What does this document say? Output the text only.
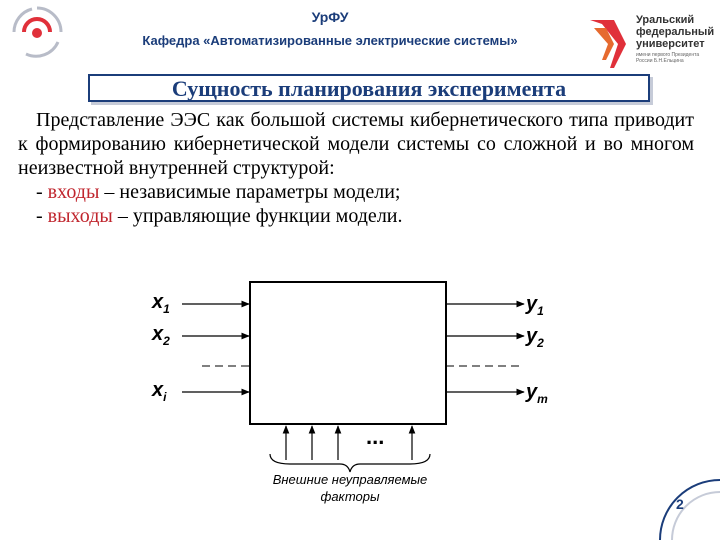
УрФУ
Кафедра «Автоматизированные электрические системы»
Уральский
федеральный
университет
имени первого Президента
России Б.Н.Ельцина
Сущность планирования эксперимента

Представление ЭЭС как большой системы кибернетического типа приводит к формированию кибернетической модели системы со сложной и во многом неизвестной внутренней структурой:

- входы – независимые параметры модели;
- выходы – управляющие функции модели.
$x_1$
$x_2$
$x_i$
$y_1$
$y_2$
$y_m$
...
Внешние неуправляемые
факторы	2
